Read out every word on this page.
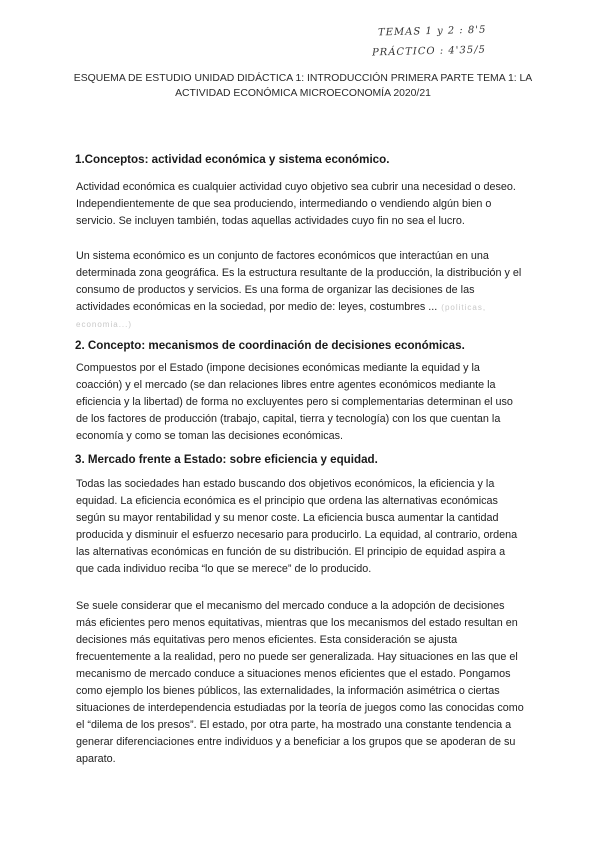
TEMAS 1 y 2 : 8'5
PRÁCTICO : 4'35/5
ESQUEMA DE ESTUDIO UNIDAD DIDÁCTICA 1: INTRODUCCIÓN PRIMERA PARTE TEMA 1: LA ACTIVIDAD ECONÓMICA MICROECONOMÍA 2020/21
1.Conceptos: actividad económica y sistema económico.
Actividad económica es cualquier actividad cuyo objetivo sea cubrir una necesidad o deseo. Independientemente de que sea produciendo, intermediando o vendiendo algún bien o servicio. Se incluyen también, todas aquellas actividades cuyo fin no sea el lucro.
Un sistema económico es un conjunto de factores económicos que interactúan en una determinada zona geográfica. Es la estructura resultante de la producción, la distribución y el consumo de productos y servicios. Es una forma de organizar las decisiones de las actividades económicas en la sociedad, por medio de: leyes, costumbres ... (politicas, economia...)
2. Concepto: mecanismos de coordinación de decisiones económicas.
Compuestos por el Estado (impone decisiones económicas mediante la equidad y la coacción) y el mercado (se dan relaciones libres entre agentes económicos mediante la eficiencia y la libertad) de forma no excluyentes pero si complementarias determinan el uso de los factores de producción (trabajo, capital, tierra y tecnología) con los que cuentan la economía y como se toman las decisiones económicas.
3. Mercado frente a Estado: sobre eficiencia y equidad.
Todas las sociedades han estado buscando dos objetivos económicos, la eficiencia y la equidad. La eficiencia económica es el principio que ordena las alternativas económicas según su mayor rentabilidad y su menor coste. La eficiencia busca aumentar la cantidad producida y disminuir el esfuerzo necesario para producirlo. La equidad, al contrario, ordena las alternativas económicas en función de su distribución. El principio de equidad aspira a que cada individuo reciba “lo que se merece” de lo producido.
Se suele considerar que el mecanismo del mercado conduce a la adopción de decisiones más eficientes pero menos equitativas, mientras que los mecanismos del estado resultan en decisiones más equitativas pero menos eficientes. Esta consideración se ajusta frecuentemente a la realidad, pero no puede ser generalizada. Hay situaciones en las que el mecanismo de mercado conduce a situaciones menos eficientes que el estado. Pongamos como ejemplo los bienes públicos, las externalidades, la información asimétrica o ciertas situaciones de interdependencia estudiadas por la teoría de juegos como las conocidas como el “dilema de los presos”. El estado, por otra parte, ha mostrado una constante tendencia a generar diferenciaciones entre individuos y a beneficiar a los grupos que se apoderan de su aparato.
